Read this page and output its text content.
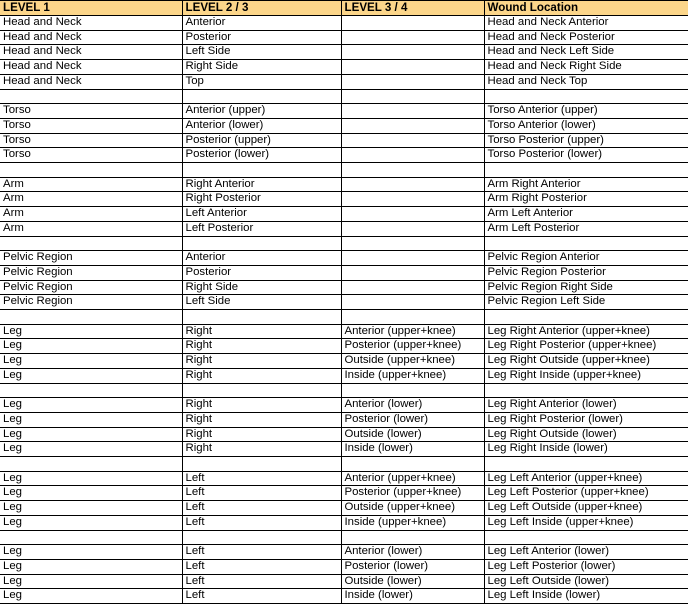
LEVEL 1	LEVEL 2 / 3	LEVEL 3 / 4	Wound Location
Head and Neck	Anterior		Head and Neck Anterior
Head and Neck	Posterior		Head and Neck Posterior
Head and Neck	Left Side		Head and Neck Left Side
Head and Neck	Right Side		Head and Neck Right Side
Head and Neck	Top		Head and Neck Top

Torso	Anterior (upper)		Torso Anterior (upper)
Torso	Anterior (lower)		Torso Anterior (lower)
Torso	Posterior (upper)		Torso Posterior (upper)
Torso	Posterior (lower)		Torso Posterior (lower)

Arm	Right Anterior		Arm Right Anterior
Arm	Right Posterior		Arm Right Posterior
Arm	Left Anterior		Arm Left Anterior
Arm	Left Posterior		Arm Left Posterior

Pelvic Region	Anterior		Pelvic Region Anterior
Pelvic Region	Posterior		Pelvic Region Posterior
Pelvic Region	Right Side		Pelvic Region Right Side
Pelvic Region	Left Side		Pelvic Region Left Side

Leg	Right	Anterior (upper+knee)	Leg Right Anterior (upper+knee)
Leg	Right	Posterior (upper+knee)	Leg Right Posterior (upper+knee)
Leg	Right	Outside (upper+knee)	Leg Right Outside (upper+knee)
Leg	Right	Inside (upper+knee)	Leg Right Inside (upper+knee)

Leg	Right	Anterior (lower)	Leg Right Anterior (lower)
Leg	Right	Posterior (lower)	Leg Right Posterior (lower)
Leg	Right	Outside (lower)	Leg Right Outside (lower)
Leg	Right	Inside (lower)	Leg Right Inside (lower)

Leg	Left	Anterior (upper+knee)	Leg Left Anterior (upper+knee)
Leg	Left	Posterior (upper+knee)	Leg Left Posterior (upper+knee)
Leg	Left	Outside (upper+knee)	Leg Left Outside (upper+knee)
Leg	Left	Inside (upper+knee)	Leg Left Inside (upper+knee)

Leg	Left	Anterior (lower)	Leg Left Anterior (lower)
Leg	Left	Posterior (lower)	Leg Left Posterior (lower)
Leg	Left	Outside (lower)	Leg Left Outside (lower)
Leg	Left	Inside (lower)	Leg Left Inside (lower)
